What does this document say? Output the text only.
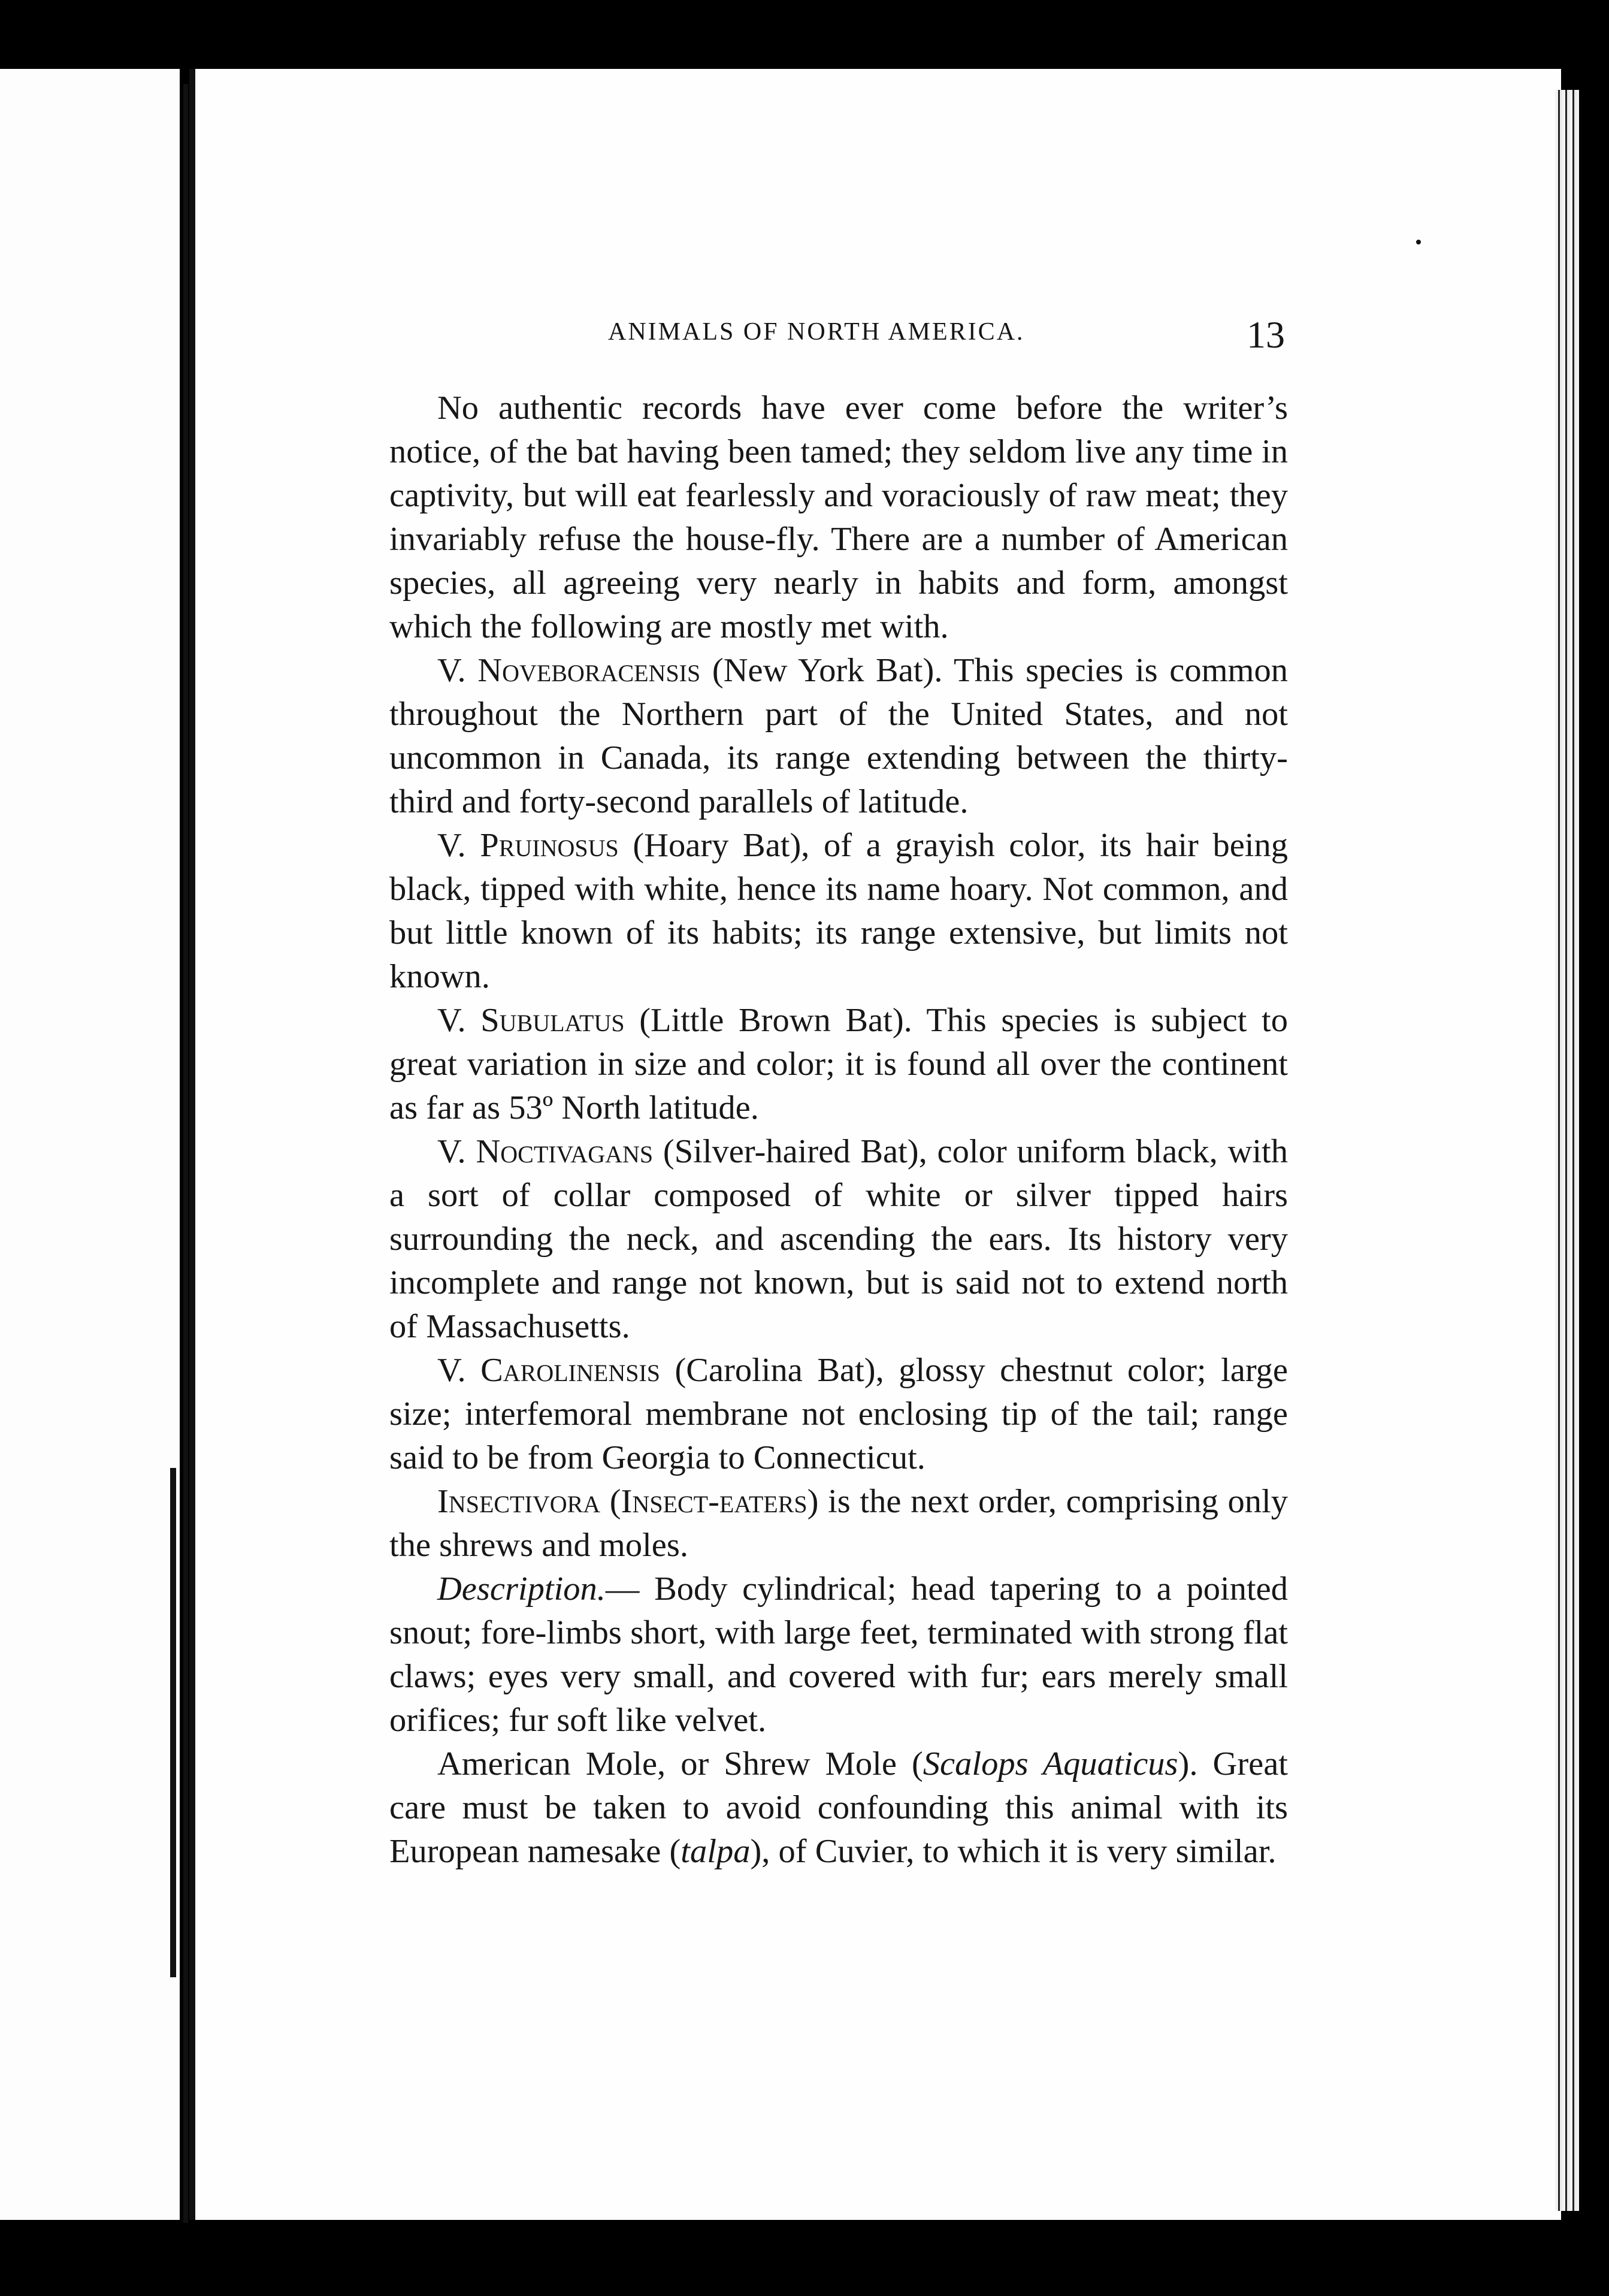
ANIMALS OF NORTH AMERICA.	13

No authentic records have ever come before the writer’s notice, of the bat having been tamed; they seldom live any time in captivity, but will eat fearlessly and voraciously of raw meat; they invariably refuse the house-fly. There are a number of American species, all agreeing very nearly in habits and form, amongst which the following are mostly met with.

V. Noveboracensis (New York Bat). This species is common throughout the Northern part of the United States, and not uncommon in Canada, its range extending between the thirty-third and forty-second parallels of latitude.

V. Pruinosus (Hoary Bat), of a grayish color, its hair being black, tipped with white, hence its name hoary. Not common, and but little known of its habits; its range extensive, but limits not known.

V. Subulatus (Little Brown Bat). This species is subject to great variation in size and color; it is found all over the continent as far as 53º North latitude.

V. Noctivagans (Silver-haired Bat), color uniform black, with a sort of collar composed of white or silver tipped hairs surrounding the neck, and ascending the ears. Its history very incomplete and range not known, but is said not to extend north of Massachusetts.

V. Carolinensis (Carolina Bat), glossy chestnut color; large size; interfemoral membrane not enclosing tip of the tail; range said to be from Georgia to Connecticut.

Insectivora (Insect-eaters) is the next order, comprising only the shrews and moles.

Description.— Body cylindrical; head tapering to a pointed snout; fore-limbs short, with large feet, terminated with strong flat claws; eyes very small, and covered with fur; ears merely small orifices; fur soft like velvet.

American Mole, or Shrew Mole (Scalops Aquaticus). Great care must be taken to avoid confounding this animal with its European namesake (talpa), of Cuvier, to which it is very similar.
